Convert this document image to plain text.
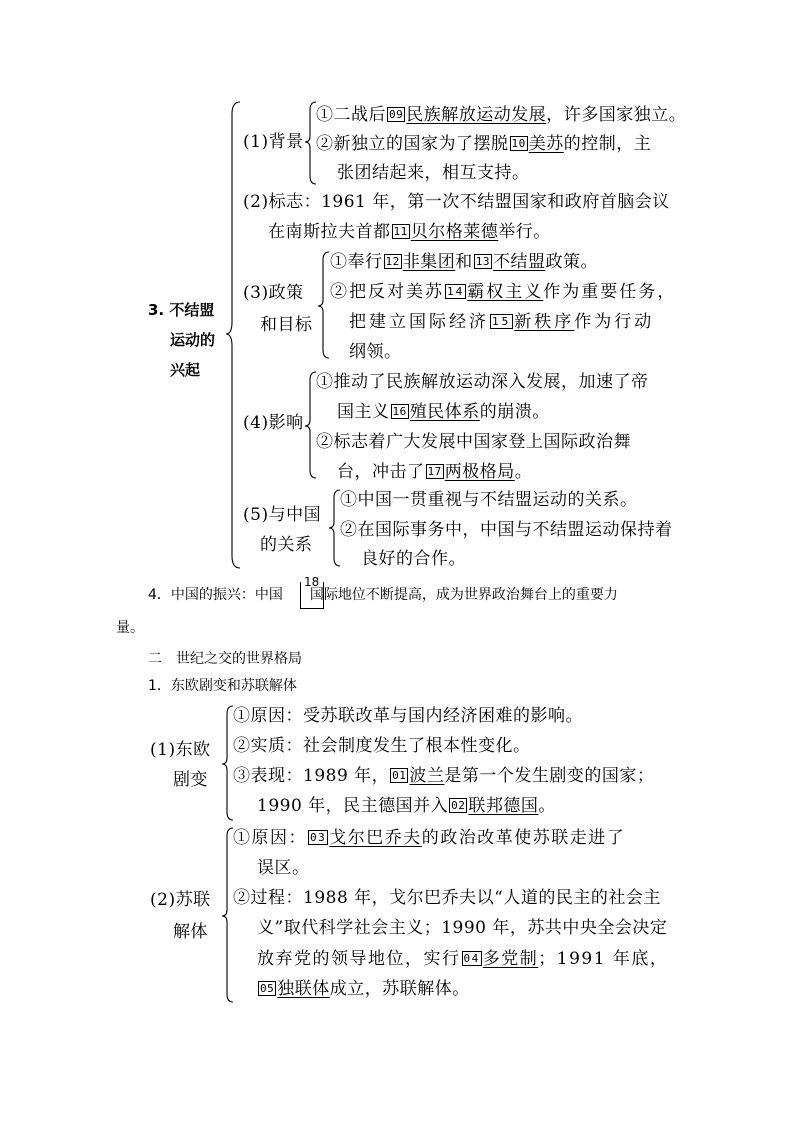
3. 不结盟
运动的
兴起
(1)背景
①二战后 09 民族解放运动发展，许多国家独立。
②新独立的国家为了摆脱 10 美苏的控制，主
张团结起来，相互支持。
(2)标志：1961 年，第一次不结盟国家和政府首脑会议
在南斯拉夫首都 11 贝尔格莱德举行。
(3)政策
和目标
①奉行 12 非集团和 13 不结盟政策。
②把反对美苏 14 霸权主义作为重要任务，
把建立国际经济 15 新秩序作为行动
纲领。
(4)影响
①推动了民族解放运动深入发展，加速了帝
国主义 16 殖民体系的崩溃。
②标志着广大发展中国家登上国际政治舞
台，冲击了 17 两极格局。
(5)与中国
的关系
①中国一贯重视与不结盟运动的关系。
②在国际事务中，中国与不结盟运动保持着
良好的合作。
4．中国的振兴：中国 国际地位不断提高，成为世界政治舞台上的重要力
18
量。
二　世纪之交的世界格局
1．东欧剧变和苏联解体
(1)东欧
剧变
①原因：受苏联改革与国内经济困难的影响。
②实质：社会制度发生了根本性变化。
③表现：1989 年， 01 波兰是第一个发生剧变的国家；
1990 年，民主德国并入 02 联邦德国。
(2)苏联
解体
①原因： 03 戈尔巴乔夫的政治改革使苏联走进了
误区。
②过程：1988 年，戈尔巴乔夫以“人道的民主的社会主
义”取代科学社会主义；1990 年，苏共中央全会决定
放弃党的领导地位，实行 04 多党制；1991 年底，
05 独联体成立，苏联解体。
